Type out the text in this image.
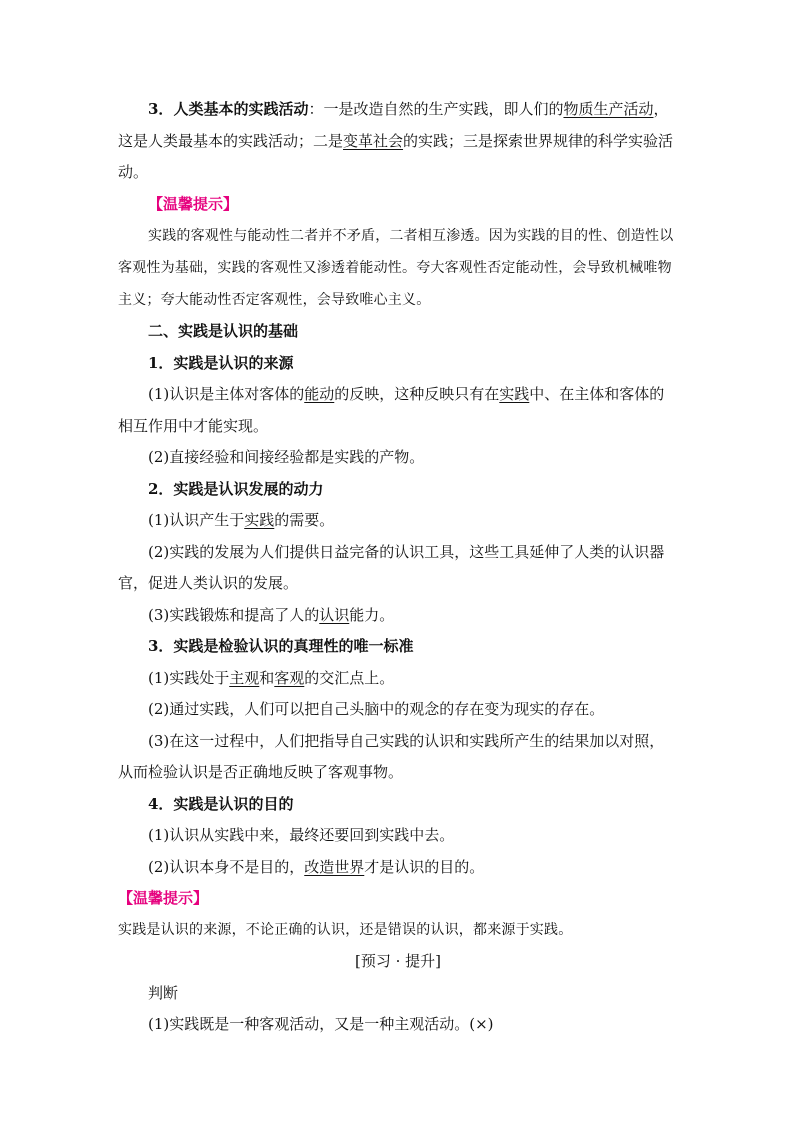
3．人类基本的实践活动：一是改造自然的生产实践，即人们的物质生产活动，这是人类最基本的实践活动；二是变革社会的实践；三是探索世界规律的科学实验活动。

【温馨提示】

实践的客观性与能动性二者并不矛盾，二者相互渗透。因为实践的目的性、创造性以客观性为基础，实践的客观性又渗透着能动性。夸大客观性否定能动性，会导致机械唯物主义；夸大能动性否定客观性，会导致唯心主义。

二、实践是认识的基础

1．实践是认识的来源

(1)认识是主体对客体的能动的反映，这种反映只有在实践中、在主体和客体的相互作用中才能实现。

(2)直接经验和间接经验都是实践的产物。

2．实践是认识发展的动力

(1)认识产生于实践的需要。

(2)实践的发展为人们提供日益完备的认识工具，这些工具延伸了人类的认识器官，促进人类认识的发展。

(3)实践锻炼和提高了人的认识能力。

3．实践是检验认识的真理性的唯一标准

(1)实践处于主观和客观的交汇点上。

(2)通过实践，人们可以把自己头脑中的观念的存在变为现实的存在。

(3)在这一过程中，人们把指导自己实践的认识和实践所产生的结果加以对照，从而检验认识是否正确地反映了客观事物。

4．实践是认识的目的

(1)认识从实践中来，最终还要回到实践中去。

(2)认识本身不是目的，改造世界才是认识的目的。

【温馨提示】

实践是认识的来源，不论正确的认识，还是错误的认识，都来源于实践。

[预习 · 提升]

判断

(1)实践既是一种客观活动，又是一种主观活动。(×)
